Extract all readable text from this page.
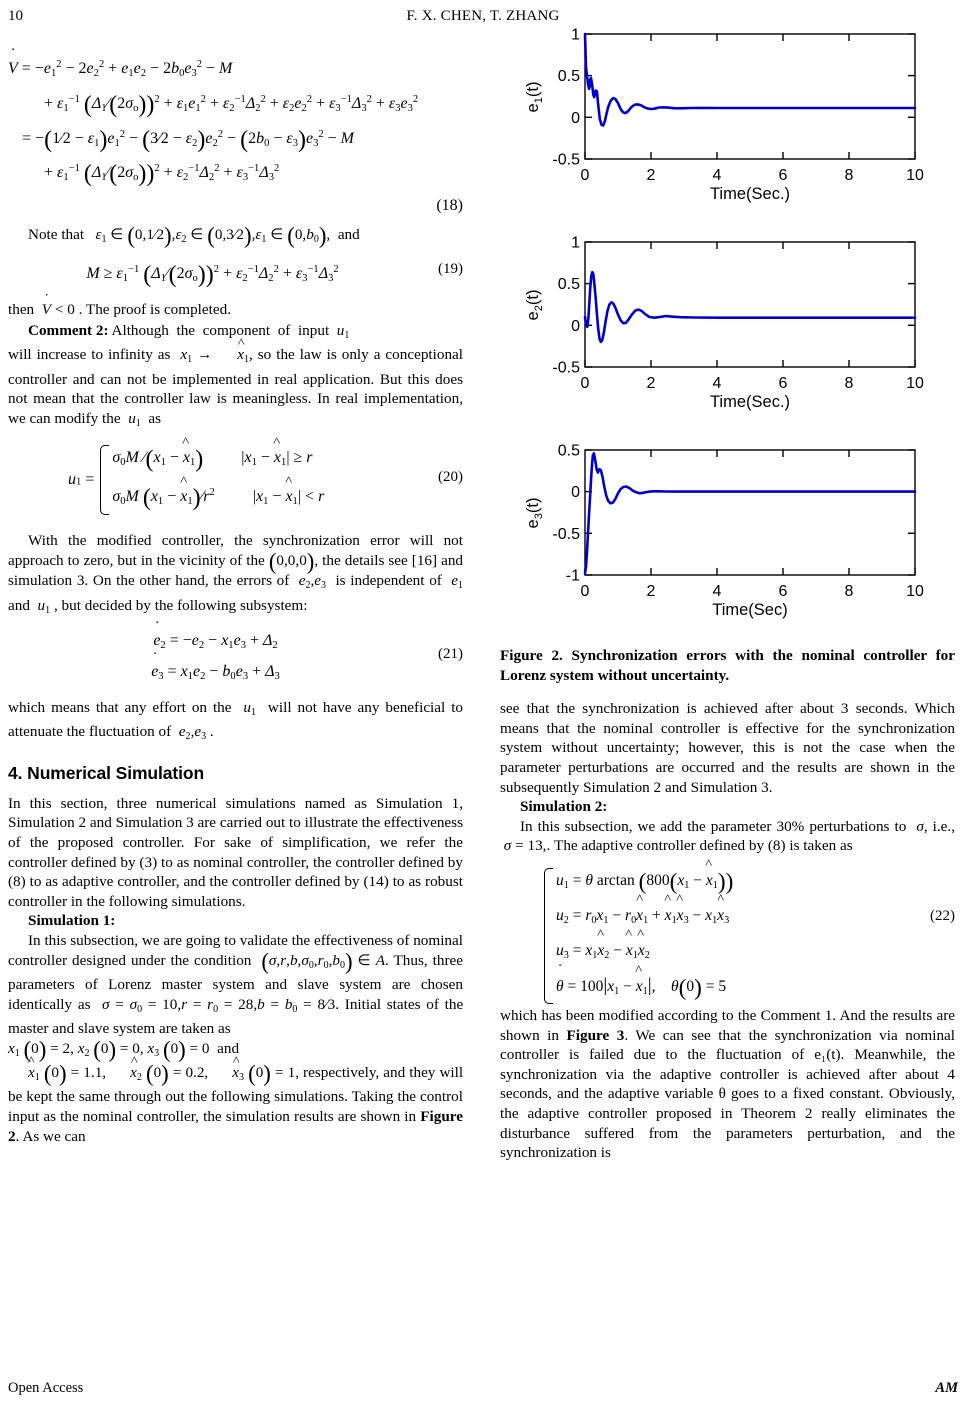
10	F. X. CHEN, T. ZHANG
˙ $V = -e_1^2 - 2e_2^2 + e_1e_2 - 2b_0e_3^2 - M$
+ $\varepsilon_1^{-1}$ $(\Delta_1⁄(2\sigma_o))^2 + \varepsilon_1e_1^2 + \varepsilon_2^{-1}\Delta_2^2 + \varepsilon_2e_2^2 + \varepsilon_3^{-1}\Delta_3^2 + \varepsilon_3e_3^2$
= −(1⁄2 − $\varepsilon_1)e_1^2$ − (3⁄2 − $\varepsilon_2)e_2^2 - (2b_0 - \varepsilon_3)e_3^2 - M$
+ $\varepsilon_1^{-1}$ $(\Delta_1⁄(2\sigma_o))^2 + \varepsilon_2^{-1}\Delta_2^2 + \varepsilon_3^{-1}\Delta_3^2$
(18)

Note that $\varepsilon_1$ ∈ $(0,1⁄2),\varepsilon_2$ ∈ $(0,3⁄2),\varepsilon_1$ ∈ $(0,b_0)$,  and

$M \ge \varepsilon_1^{-1}$ $(\Delta_1⁄(2\sigma_o))^2 + \varepsilon_2^{-1}\Delta_2^2 + \varepsilon_3^{-1}\Delta_3^2$	(19)

then  ˙ V < 0 . The proof is completed.

Comment 2: Although  the  component  of  input  $u_1$
will increase to infinity as  $x_1$ → ^ $x_1$, so the law is only a conceptional controller and can not be implemented in real application. But this does not mean that the controller law is meaningless. In real implementation, we can modify the  $u_1$  as

$u_1$ =
$\sigma_0M$ $⁄(x_1$ − ^ $x_1$) $|x_1$ − ^ $x_1| \ge r$
$\sigma_0M$ ($x_1$ − ^ $x_1)⁄r^2$ $|x_1$ − ^ $x_1| < r$
(20)

With the modified controller, the synchronization error will not approach to zero, but in the vicinity of the (0,0,0), the details see [16] and simulation 3. On the other hand, the errors of  $e_2,e_3$  is independent of  $e_1$ and  $u_1$ , but decided by the following subsystem:

˙ $e_2 = -e_2 - x_1e_3 + \Delta_2$
˙ $e_3 = x_1e_2 - b_0e_3 + \Delta_3$
(21)

which means that any effort on the  $u_1$  will not have any beneficial to attenuate the fluctuation of  $e_2,e_3$ .

4. Numerical Simulation

In this section, three numerical simulations named as Simulation 1, Simulation 2 and Simulation 3 are carried out to illustrate the effectiveness of the proposed controller. For sake of simplification, we refer the controller defined by (3) to as nominal controller, the controller defined by (8) to as adaptive controller, and the controller defined by (14) to as robust controller in the following simulations.

Simulation 1:

In this subsection, we are going to validate the effectiveness of nominal controller designed under the condition $(\sigma,r,b,\sigma_0,r_0,b_0)$ ∈ A. Thus, three parameters of Lorenz master system and slave system are chosen identically as $\sigma = \sigma_0 = 10,r = r_0 = 28,b = b_0$ = 8⁄3. Initial states of the master and slave system are taken as
$x_1$ (0) = 2, $x_2$ (0) = 0, $x_3$ (0) = 0  and
^ $x_1$ (0) = 1.1, ^ $x_2$ (0) = 0.2, ^ $x_3$ (0) = 1, respectively, and they will be kept the same through out the following simulations. Taking the control input as the nominal controller, the simulation results are shown in Figure 2. As we can

1
0.5
0
-0.5
0	2	4	6	8	10
Time(Sec.)
$e_1(t)$
1
0.5
0
-0.5
0	2	4	6	8	10
Time(Sec.)
$e_2(t)$
0.5
0
-0.5
-1
0	2	4	6	8	10
Time(Sec)
$e_3(t)$
Figure 2. Synchronization errors with the nominal controller for Lorenz system without uncertainty.

see that the synchronization is achieved after about 3 seconds. Which means that the nominal controller is effective for the synchronization system without uncertainty; however, this is not the case when the parameter perturbations are occurred and the results are shown in the subsequently Simulation 2 and Simulation 3.

Simulation 2:

In this subsection, we add the parameter 30% perturbations to  σ, i.e.,  σ = 13,. The adaptive controller defined by (8) is taken as

$u_1 = \theta$ $\arctan (800(x_1$ − ^ $x_1$))
$u_2 = r_0x_1$ − $r_0\^{}$ $x_1$ + ^ $x_1\^{}$ $x_3$ − $x_1\^{}$ $x_3$
$u_3$ = $x_1\^{}$ $x_2$ − ^ $x_1\^{}$ $x_2$
˙ $\theta = 100|x_1$ − ^ $x_1|$,    θ(0) = 5
(22)

which has been modified according to the Comment 1. And the results are shown in Figure 3. We can see that the synchronization via nominal controller is failed due to the fluctuation of e₁(t). Meanwhile, the synchronization via the adaptive controller is achieved after about 4 seconds, and the adaptive variable θ goes to a fixed constant. Obviously, the adaptive controller proposed in Theorem 2 really eliminates the disturbance suffered from the parameters perturbation, and the synchronization is

Open Access	AM
